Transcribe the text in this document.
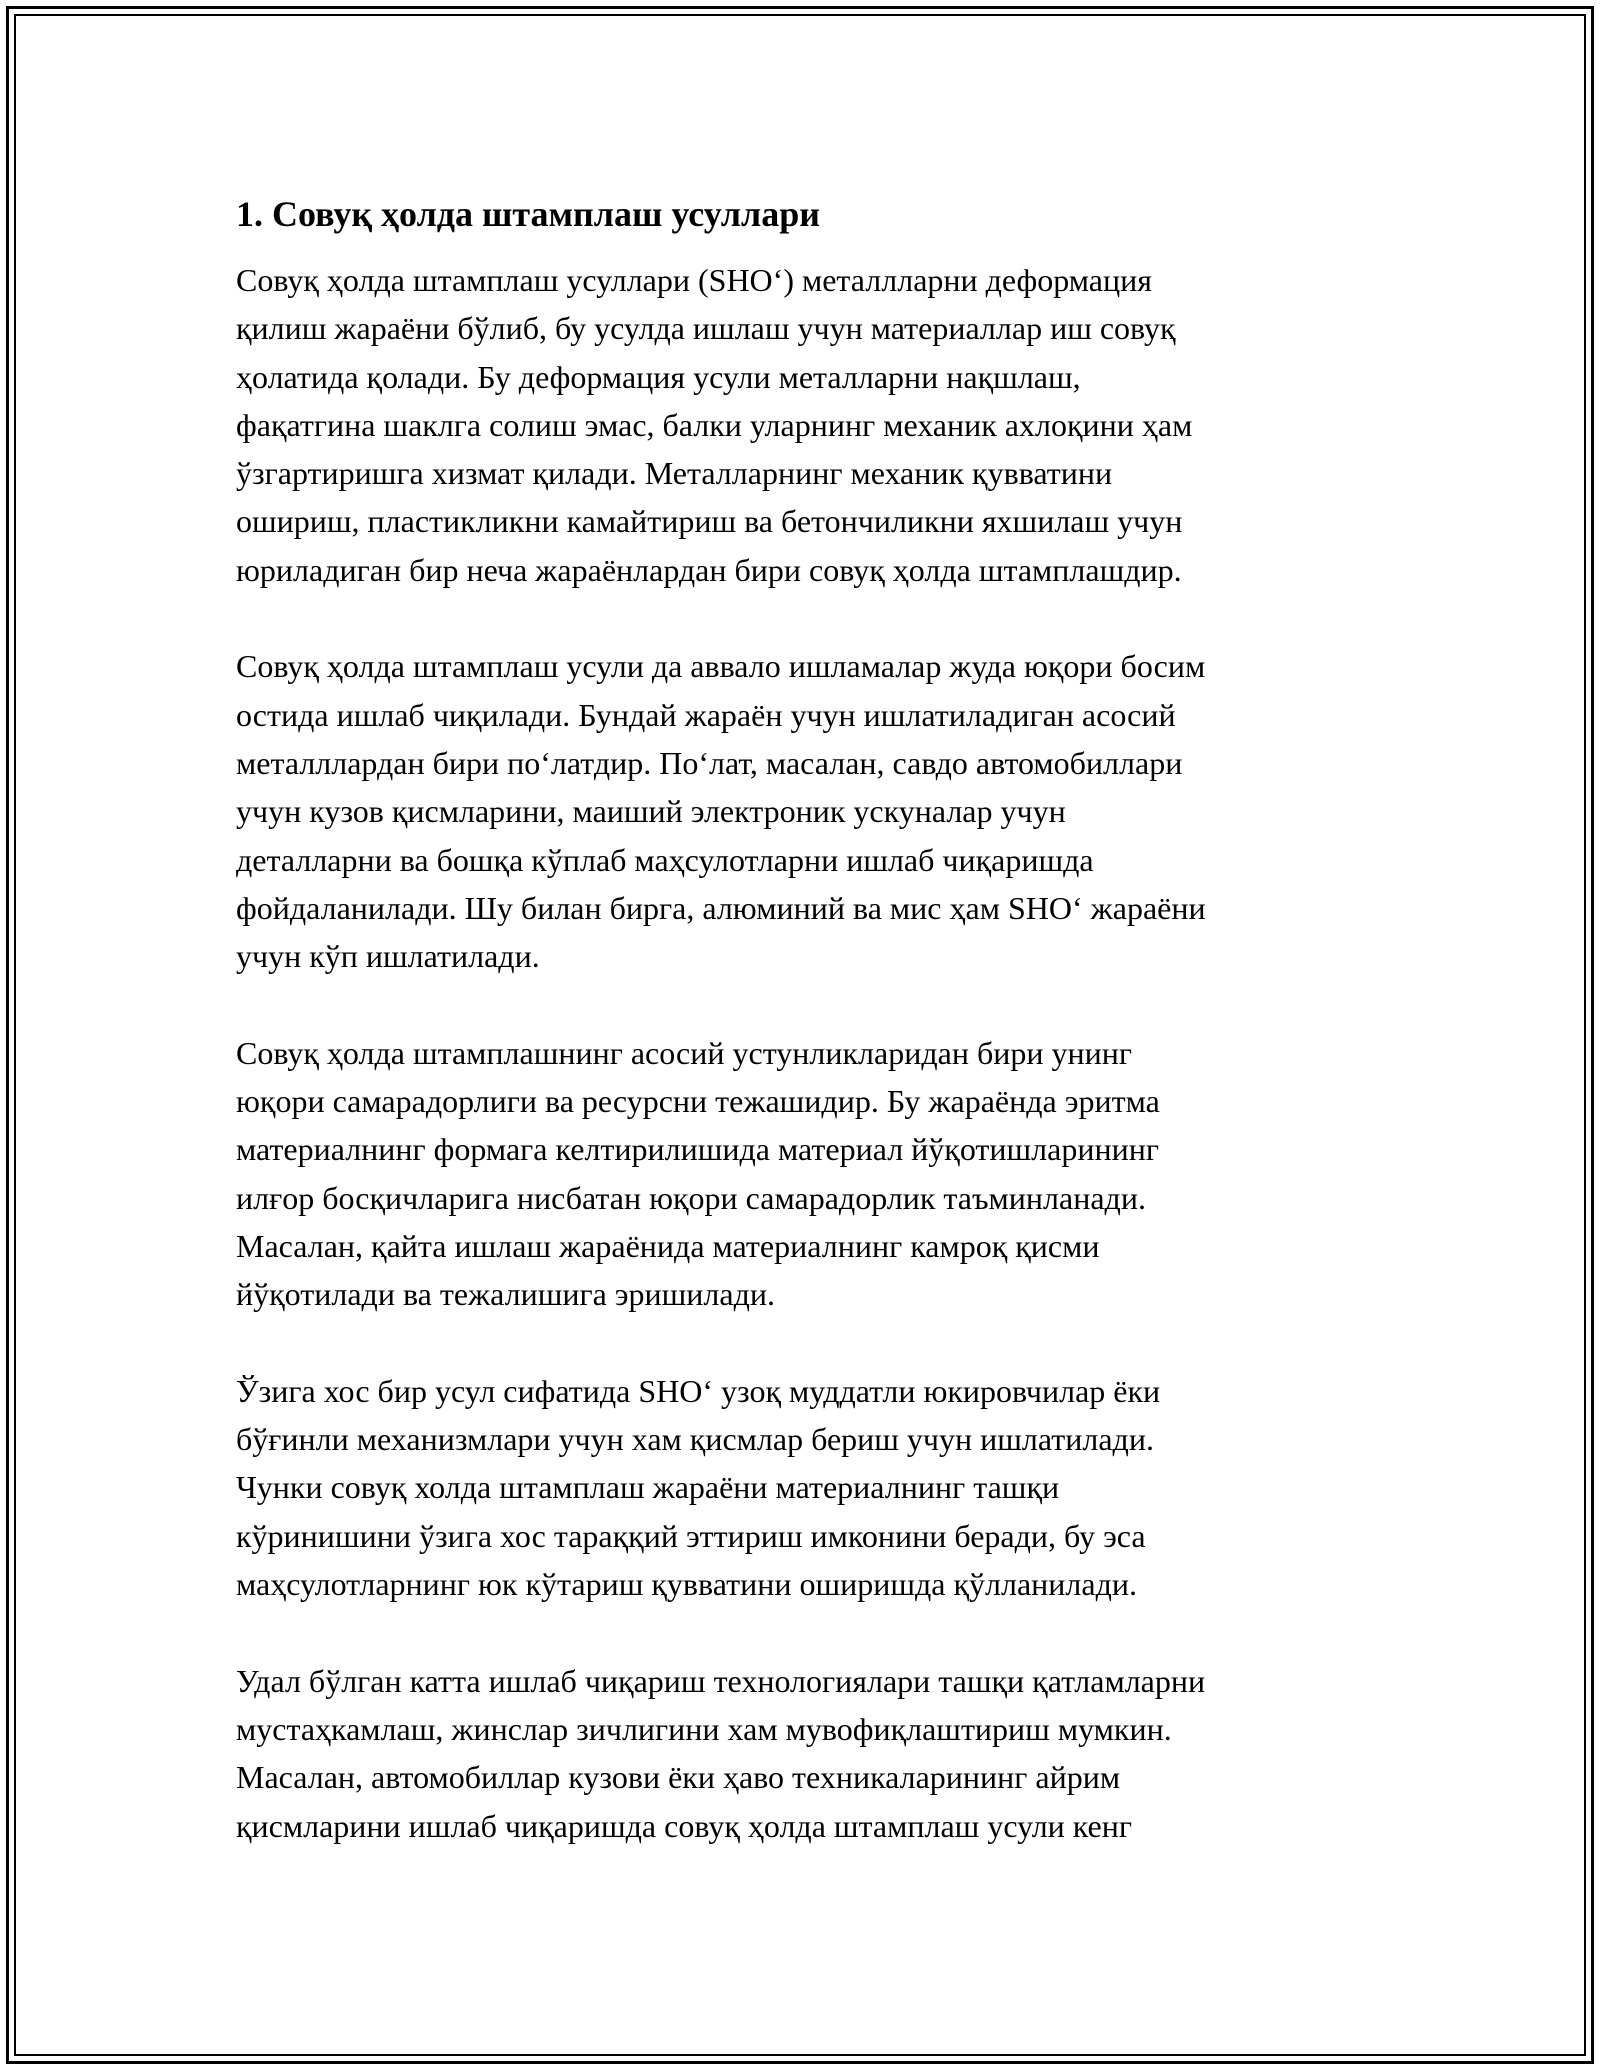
1. Совуқ ҳолда штамплаш усуллари

Совуқ ҳолда штамплаш усуллари (SHO‘) металлларни деформация
қилиш жараёни бўлиб, бу усулда ишлаш учун материаллар иш совуқ
ҳолатида қолади. Бу деформация усули металларни нақшлаш,
фақатгина шаклга солиш эмас, балки уларнинг механик ахлоқини ҳам
ўзгартиришга хизмат қилади. Металларнинг механик қувватини
ошириш, пластикликни камайтириш ва бетончиликни яхшилаш учун
юриладиган бир неча жараёнлардан бири совуқ ҳолда штамплашдир.

Совуқ ҳолда штамплаш усули да аввало ишламалар жуда юқори босим
остида ишлаб чиқилади. Бундай жараён учун ишлатиладиган асосий
металллардан бири по‘латдир. По‘лат, масалан, савдо автомобиллари
учун кузов қисмларини, маиший электроник ускуналар учун
деталларни ва бошқа кўплаб маҳсулотларни ишлаб чиқаришда
фойдаланилади. Шу билан бирга, алюминий ва мис ҳам SHO‘ жараёни
учун кўп ишлатилади.

Совуқ ҳолда штамплашнинг асосий устунликларидан бири унинг
юқори самарадорлиги ва ресурсни тежашидир. Бу жараёнда эритма
материалнинг формага келтирилишида материал йўқотишларининг
илғор босқичларига нисбатан юқори самарадорлик таъминланади.
Масалан, қайта ишлаш жараёнида материалнинг камроқ қисми
йўқотилади ва тежалишига эришилади.

Ўзига хос бир усул сифатида SHO‘ узоқ муддатли юкировчилар ёки
бўғинли механизмлари учун хам қисмлар бериш учун ишлатилади.
Чунки совуқ холда штамплаш жараёни материалнинг ташқи
кўринишини ўзига хос тараққий эттириш имконини беради, бу эса
маҳсулотларнинг юк кўтариш қувватини оширишда қўлланилади.

Удал бўлган катта ишлаб чиқариш технологиялари ташқи қатламларни
мустаҳкамлаш, жинслар зичлигини хам мувофиқлаштириш мумкин.
Масалан, автомобиллар кузови ёки ҳаво техникаларининг айрим
қисмларини ишлаб чиқаришда совуқ ҳолда штамплаш усули кенг
